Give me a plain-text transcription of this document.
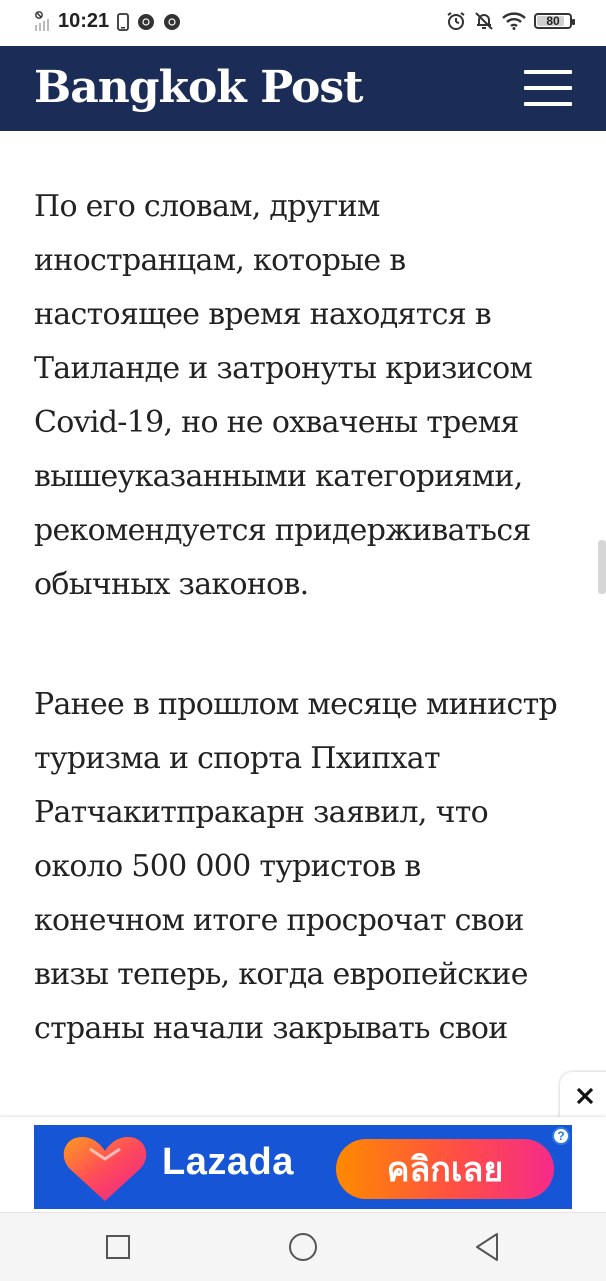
10:21	80
Bangkok Post

По его словам, другим иностранцам, которые в настоящее время находятся в Таиланде и затронуты кризисом Covid-19, но не охвачены тремя вышеуказанными категориями, рекомендуется придерживаться обычных законов.

Ранее в прошлом месяце министр туризма и спорта Пхипхат Ратчакитпракарн заявил, что около 500 000 туристов в конечном итоге просрочат свои визы теперь, когда европейские страны начали закрывать свои

Lazada	คลิกเลย
?
